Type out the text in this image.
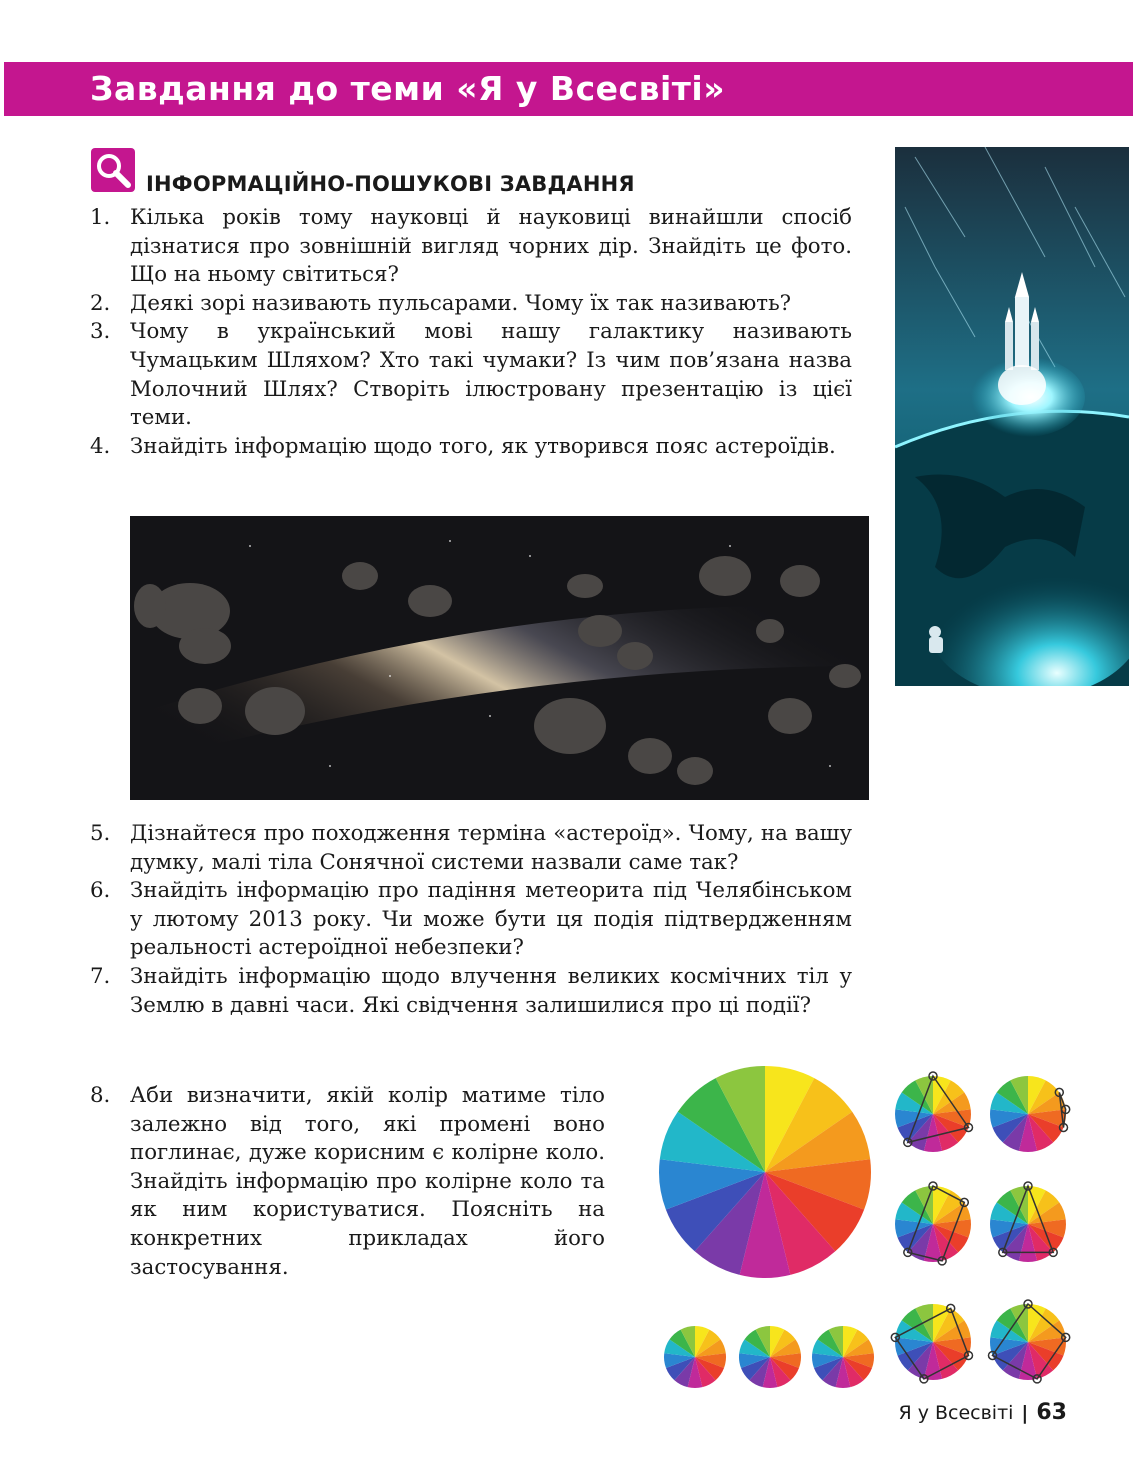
Завдання до теми «Я у Всесвіті»
ІНФОРМАЦІЙНО-ПОШУКОВІ ЗАВДАННЯ
1. Кілька років тому науковці й науковиці винайшли спосіб дізнатися про зовнішній вигляд чорних дір. Знайдіть це фото. Що на ньому світиться?
2. Деякі зорі називають пульсарами. Чому їх так називають?
3. Чому в український мові нашу галактику називають Чумацьким Шляхом? Хто такі чумаки? Із чим пов’язана назва Молочний Шлях? Створіть ілюстровану презентацію із цієї теми.
4. Знайдіть інформацію щодо того, як утворився пояс астероїдів.
5. Дізнайтеся про походження терміна «астероїд». Чому, на вашу думку, малі тіла Сонячної системи назвали саме так?
6. Знайдіть інформацію про падіння метеорита під Челябінськом у лютому 2013 року. Чи може бути ця подія підтвердженням реальності астероїдної небезпеки?
7. Знайдіть інформацію щодо влучення великих космічних тіл у Землю в давні часи. Які свідчення залишилися про ці події?
8. Аби визначити, якій колір матиме тіло залежно від того, які промені воно поглинає, дуже корисним є колірне коло. Знайдіть інформацію про колірне коло та як ним користуватися. Поясніть на конкретних прикладах його застосування.
Я у Всесвіті | 63
